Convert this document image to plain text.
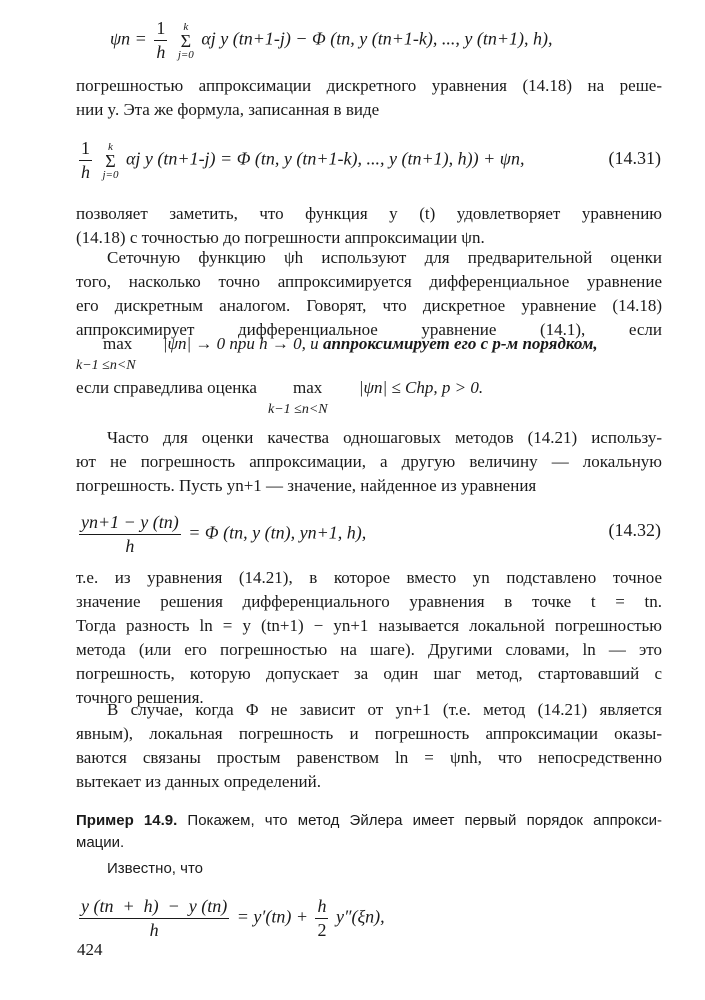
$\psi n = \frac{1}{h}$
	k
Σ
j=0
αj y (tn+1-j) − Φ (tn, y (tn+1-k), ..., y (tn+1), h),
погрешностью аппроксимации дискретного уравнения (14.18) на реше-
нии y. Эта же формула, записанная в виде
$\frac{1}{h}$
	k
Σ
j=0
αj y (tn+1-j) = Φ (tn, y (tn+1-k), ..., y (tn+1), h)) + ψn,	(14.31)
позволяет заметить, что функция y (t) удовлетворяет уравнению
(14.18) с точностью до погрешности аппроксимации ψn.
Сеточную функцию ψh используют для предварительной оценки
того, насколько точно аппроксимируется дифференциальное уравнение
его дискретным аналогом. Говорят, что дискретное уравнение (14.18)
аппроксимирует дифференциальное уравнение (14.1), если
max |ψn| → 0 при h → 0, и аппроксимирует его с p-м порядком,
k−1 ≤n<N
если справедлива оценка max |ψn| ≤ Chp, p > 0.
k−1 ≤n<N
Часто для оценки качества одношаговых методов (14.21) использу-
ют не погрешность аппроксимации, а другую величину — локальную
погрешность. Пусть yn+1 — значение, найденное из уравнения
$\frac{yn+1 - y (tn)}{h} = \Phi$ (tn, y (tn), yn+1, h),	(14.32)
т.е. из уравнения (14.21), в которое вместо yn подставлено точное
значение решения дифференциального уравнения в точке t = tn.
Тогда разность ln = y (tn+1) − yn+1 называется локальной погрешностью
метода (или его погрешностью на шаге). Другими словами, ln — это
погрешность, которую допускает за один шаг метод, стартовавший с
точного решения.
В случае, когда Φ не зависит от yn+1 (т.е. метод (14.21) является
явным), локальная погрешность и погрешность аппроксимации оказы-
ваются связаны простым равенством ln = ψnh, что непосредственно
вытекает из данных определений.
Пример 14.9. Покажем, что метод Эйлера имеет первый порядок аппрокси-
мации.
Известно, что
$\frac{y (tn + h) - y (tn)}{h} = y'(tn) + \frac{h}{2} y''(\xi n)$,
424
